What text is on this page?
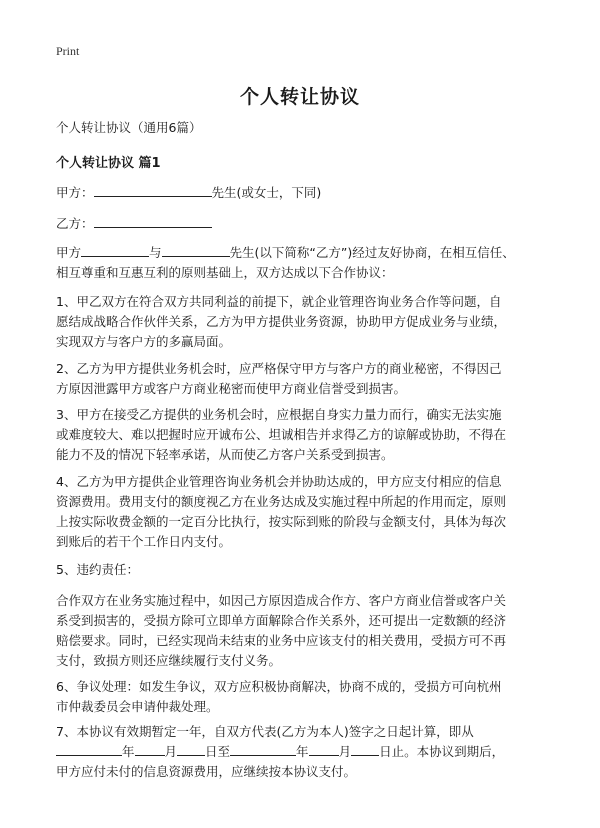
Print
个人转让协议
个人转让协议（通用6篇）
个人转让协议 篇1
甲方：	先生(或女士，下同)
乙方：
甲方	与	先生(以下简称“乙方”)经过友好协商，在相互信任、
相互尊重和互惠互利的原则基础上，双方达成以下合作协议：
1、甲乙双方在符合双方共同利益的前提下，就企业管理咨询业务合作等问题，自
愿结成战略合作伙伴关系，乙方为甲方提供业务资源，协助甲方促成业务与业绩，
实现双方与客户方的多赢局面。
2、乙方为甲方提供业务机会时，应严格保守甲方与客户方的商业秘密，不得因己
方原因泄露甲方或客户方商业秘密而使甲方商业信誉受到损害。
3、甲方在接受乙方提供的业务机会时，应根据自身实力量力而行，确实无法实施
或难度较大、难以把握时应开诚布公、坦诚相告并求得乙方的谅解或协助，不得在
能力不及的情况下轻率承诺，从而使乙方客户关系受到损害。
4、乙方为甲方提供企业管理咨询业务机会并协助达成的，甲方应支付相应的信息
资源费用。费用支付的额度视乙方在业务达成及实施过程中所起的作用而定，原则
上按实际收费金额的一定百分比执行，按实际到账的阶段与金额支付，具体为每次
到账后的若干个工作日内支付。
5、违约责任：
合作双方在业务实施过程中，如因己方原因造成合作方、客户方商业信誉或客户关
系受到损害的，受损方除可立即单方面解除合作关系外，还可提出一定数额的经济
赔偿要求。同时，已经实现尚未结束的业务中应该支付的相关费用，受损方可不再
支付，致损方则还应继续履行支付义务。
6、争议处理：如发生争议，双方应积极协商解决，协商不成的，受损方可向杭州
市仲裁委员会申请仲裁处理。
7、本协议有效期暂定一年，自双方代表(乙方为本人)签字之日起计算，即从
年 月 日至	年 月 日止。本协议到期后，
甲方应付未付的信息资源费用，应继续按本协议支付。
